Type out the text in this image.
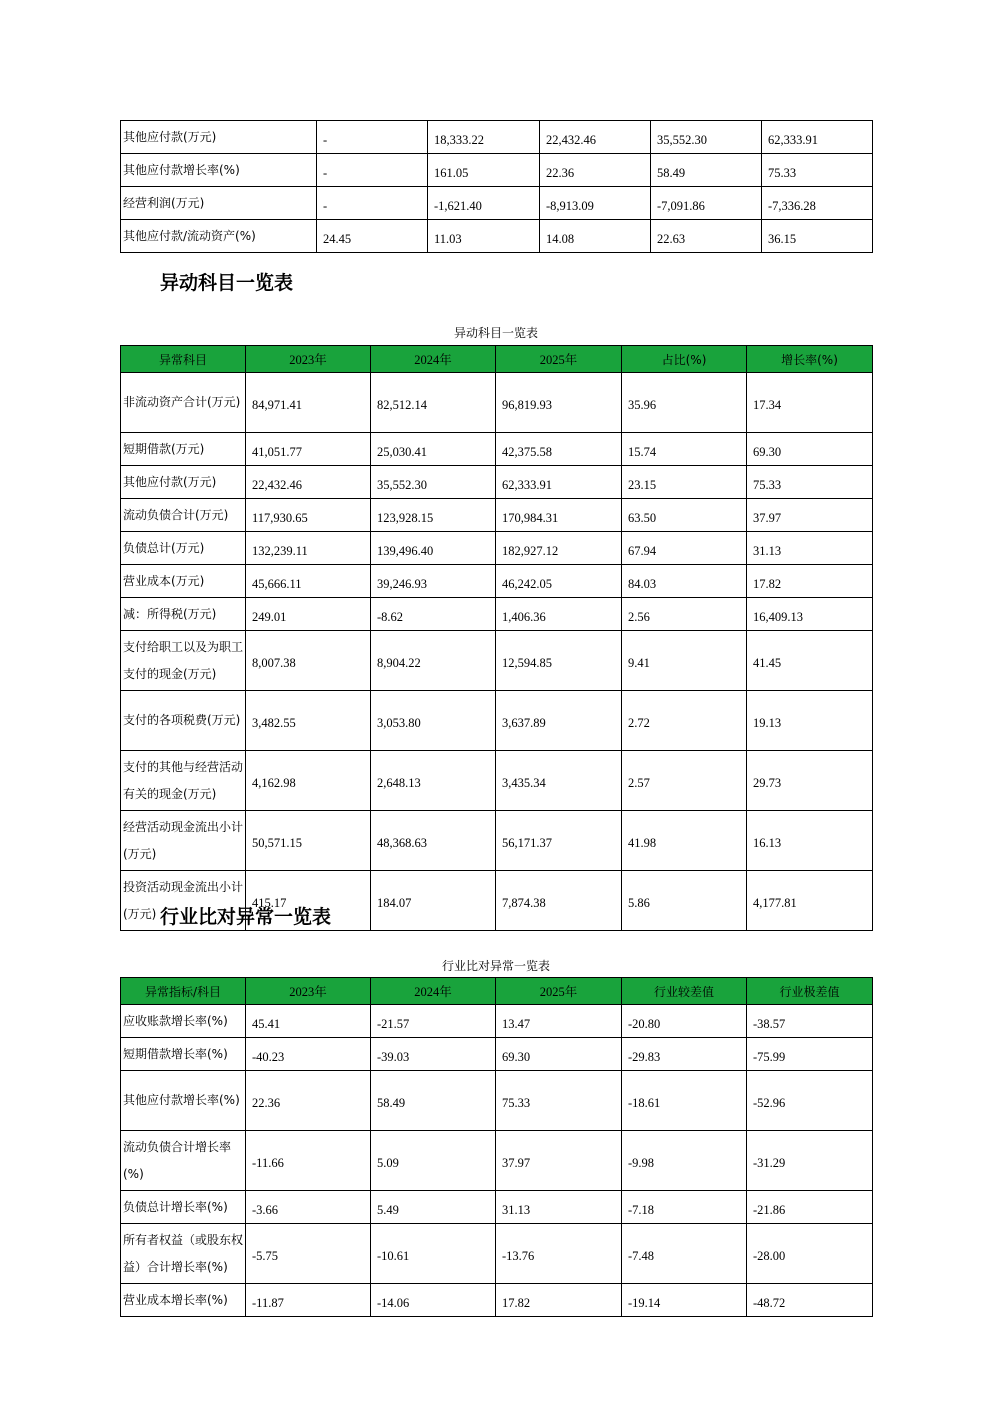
其他应付款(万元)	-	18,333.22	22,432.46	35,552.30	62,333.91
其他应付款增长率(%)	-	161.05	22.36	58.49	75.33
经营利润(万元)	-	-1,621.40	-8,913.09	-7,091.86	-7,336.28
其他应付款/流动资产(%)	24.45	11.03	14.08	22.63	36.15
异动科目一览表
异动科目一览表
异常科目	2023年	2024年	2025年	占比(%)	增长率(%)
非流动资产合计(万元)	84,971.41	82,512.14	96,819.93	35.96	17.34
短期借款(万元)	41,051.77	25,030.41	42,375.58	15.74	69.30
其他应付款(万元)	22,432.46	35,552.30	62,333.91	23.15	75.33
流动负债合计(万元)	117,930.65	123,928.15	170,984.31	63.50	37.97
负债总计(万元)	132,239.11	139,496.40	182,927.12	67.94	31.13
营业成本(万元)	45,666.11	39,246.93	46,242.05	84.03	17.82
减：所得税(万元)	249.01	-8.62	1,406.36	2.56	16,409.13
支付给职工以及为职工支付的现金(万元)	8,007.38	8,904.22	12,594.85	9.41	41.45
支付的各项税费(万元)	3,482.55	3,053.80	3,637.89	2.72	19.13
支付的其他与经营活动有关的现金(万元)	4,162.98	2,648.13	3,435.34	2.57	29.73
经营活动现金流出小计(万元)	50,571.15	48,368.63	56,171.37	41.98	16.13
投资活动现金流出小计(万元)	415.17	184.07	7,874.38	5.86	4,177.81
行业比对异常一览表
行业比对异常一览表
异常指标/科目	2023年	2024年	2025年	行业较差值	行业极差值
应收账款增长率(%)	45.41	-21.57	13.47	-20.80	-38.57
短期借款增长率(%)	-40.23	-39.03	69.30	-29.83	-75.99
其他应付款增长率(%)	22.36	58.49	75.33	-18.61	-52.96
流动负债合计增长率(%)	-11.66	5.09	37.97	-9.98	-31.29
负债总计增长率(%)	-3.66	5.49	31.13	-7.18	-21.86
所有者权益（或股东权益）合计增长率(%)	-5.75	-10.61	-13.76	-7.48	-28.00
营业成本增长率(%)	-11.87	-14.06	17.82	-19.14	-48.72
